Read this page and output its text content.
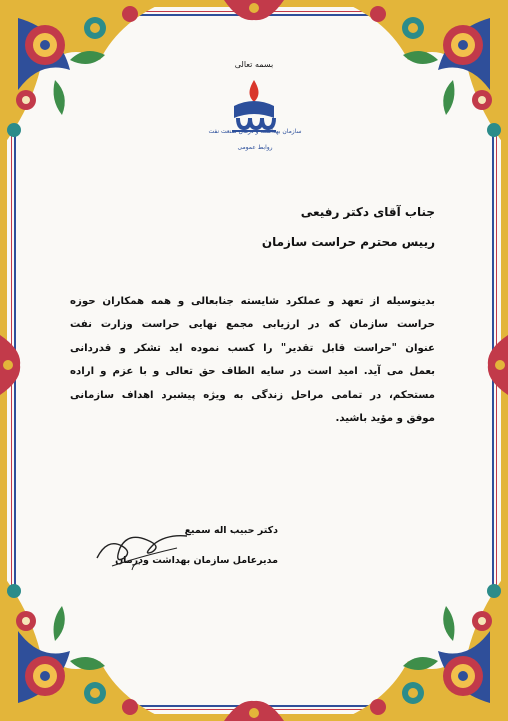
بسمه تعالی
سازمان بهداشت و درمان صنعت نفت
روابط عمومی
جناب آقای دکتر رفیعی
رییس محترم حراست سازمان
بدینوسیله از تعهد و عملکرد شایسته جنابعالی و همه همکاران حوزه
حراست سازمان که در ارزیابی مجمع نهایی حراست وزارت نفت
عنوان "حراست قابل تقدیر" را کسب نموده اید تشکر و قدردانی
بعمل می آید. امید است در سایه الطاف حق تعالی و با عزم و اراده
مستحکم، در تمامی مراحل زندگی به ویژه پیشبرد اهداف سازمانی
موفق و مؤید باشید.
دکتر حبیب اله سمیع
مدیرعامل سازمان بهداشت ودرمان
